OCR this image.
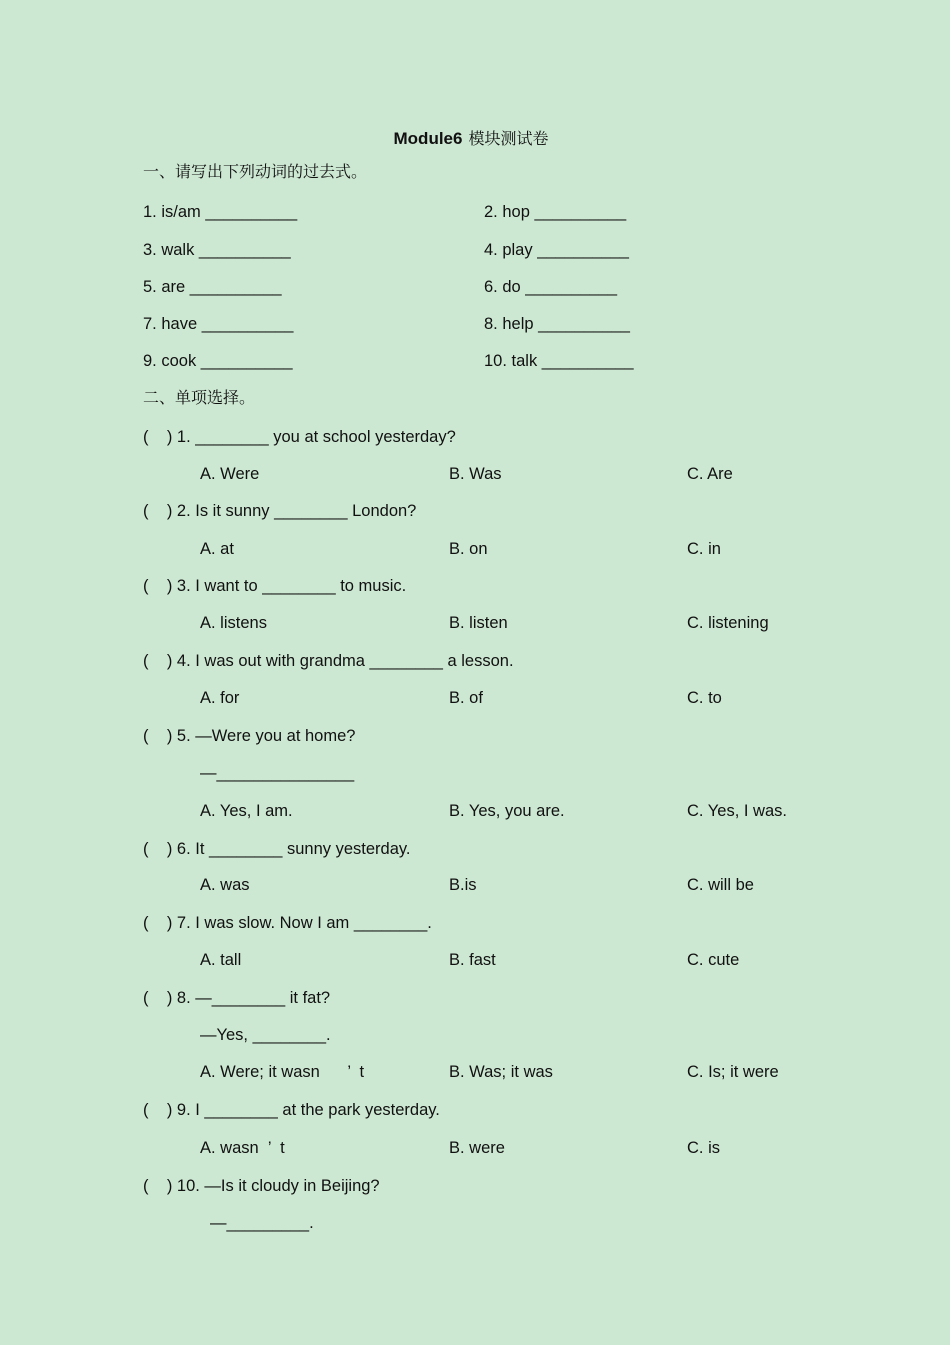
Module6 模块测试卷
一、请写出下列动词的过去式。
1. is/am __________	2. hop __________
3. walk __________	4. play __________
5. are __________	6. do __________
7. have __________	8. help __________
9. cook __________	10. talk __________
二、单项选择。
(    ) 1. ________ you at school yesterday?
A. Were	B. Was	C. Are
(    ) 2. Is it sunny ________ London?
A. at	B. on	C. in
(    ) 3. I want to ________ to music.
A. listens	B. listen	C. listening
(    ) 4. I was out with grandma ________ a lesson.
A. for	B. of	C. to
(    ) 5. —Were you at home?
—_______________
A. Yes, I am.	B. Yes, you are.	C. Yes, I was.
(    ) 6. It ________ sunny yesterday.
A. was	B.is	C. will be
(    ) 7. I was slow. Now I am ________.
A. tall	B. fast	C. cute
(    ) 8. —________ it fat?
—Yes, ________.
A. Were; it wasn      ’  t	B. Was; it was	C. Is; it were
(    ) 9. I ________ at the park yesterday.
A. wasn  ’  t	B. were	C. is
(    ) 10. —Is it cloudy in Beijing?
—_________.
